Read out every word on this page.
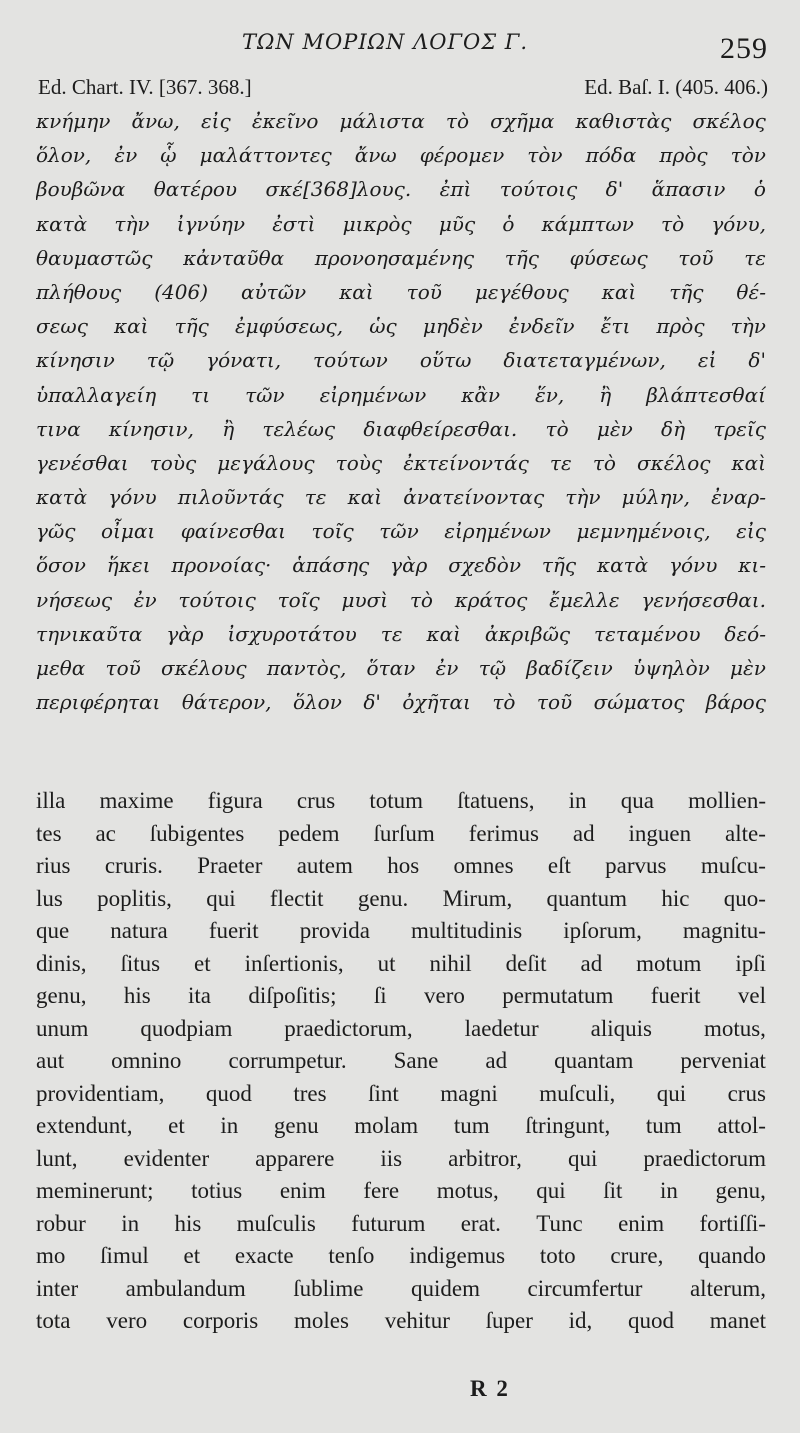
ΤΩΝ ΜΟΡΙΩΝ ΛΟΓΟΣ Γ.	259
Ed. Chart. IV. [367. 368.]	Ed. Baſ. I. (405. 406.)
κνήμην ἄνω, εἰς ἐκεῖνο μάλιστα τὸ σχῆμα καθιστὰς σκέλος
ὅλον, ἐν ᾧ μαλάττοντες ἄνω φέρομεν τὸν πόδα πρὸς τὸν
βουβῶνα θατέρου σκέ[368]λους. ἐπὶ τούτοις δ' ἅπασιν ὁ
κατὰ τὴν ἰγνύην ἐστὶ μικρὸς μῦς ὁ κάμπτων τὸ γόνυ,
θαυμαστῶς κἀνταῦθα προνοησαμένης τῆς φύσεως τοῦ τε
πλήθους (406) αὐτῶν καὶ τοῦ μεγέθους καὶ τῆς θέ-
σεως καὶ τῆς ἐμφύσεως, ὡς μηδὲν ἐνδεῖν ἔτι πρὸς τὴν
κίνησιν τῷ γόνατι, τούτων οὕτω διατεταγμένων, εἰ δ'
ὑπαλλαγείη τι τῶν εἰρημένων κἂν ἕν, ἢ βλάπτεσθαί
τινα κίνησιν, ἢ τελέως διαφθείρεσθαι. τὸ μὲν δὴ τρεῖς
γενέσθαι τοὺς μεγάλους τοὺς ἐκτείνοντάς τε τὸ σκέλος καὶ
κατὰ γόνυ πιλοῦντάς τε καὶ ἀνατείνοντας τὴν μύλην, ἐναρ-
γῶς οἶμαι φαίνεσθαι τοῖς τῶν εἰρημένων μεμνημένοις, εἰς
ὅσον ἥκει προνοίας· ἁπάσης γὰρ σχεδὸν τῆς κατὰ γόνυ κι-
νήσεως ἐν τούτοις τοῖς μυσὶ τὸ κράτος ἔμελλε γενήσεσθαι.
τηνικαῦτα γὰρ ἰσχυροτάτου τε καὶ ἀκριβῶς τεταμένου δεό-
μεθα τοῦ σκέλους παντὸς, ὅταν ἐν τῷ βαδίζειν ὑψηλὸν μὲν
περιφέρηται θάτερον, ὅλον δ' ὀχῆται τὸ τοῦ σώματος βάρος
illa maxime figura crus totum ſtatuens, in qua mollien-
tes ac ſubigentes pedem ſurſum ferimus ad inguen alte-
rius cruris. Praeter autem hos omnes eſt parvus muſcu-
lus poplitis, qui flectit genu. Mirum, quantum hic quo-
que natura fuerit provida multitudinis ipſorum, magnitu-
dinis, ſitus et inſertionis, ut nihil deſit ad motum ipſi
genu, his ita diſpoſitis; ſi vero permutatum fuerit vel
unum quodpiam praedictorum, laedetur aliquis motus,
aut omnino corrumpetur. Sane ad quantam perveniat
providentiam, quod tres ſint magni muſculi, qui crus
extendunt, et in genu molam tum ſtringunt, tum attol-
lunt, evidenter apparere iis arbitror, qui praedictorum
meminerunt; totius enim fere motus, qui ſit in genu,
robur in his muſculis futurum erat. Tunc enim fortiſſi-
mo ſimul et exacte tenſo indigemus toto crure, quando
inter ambulandum ſublime quidem circumfertur alterum,
tota vero corporis moles vehitur ſuper id, quod manet
R 2
